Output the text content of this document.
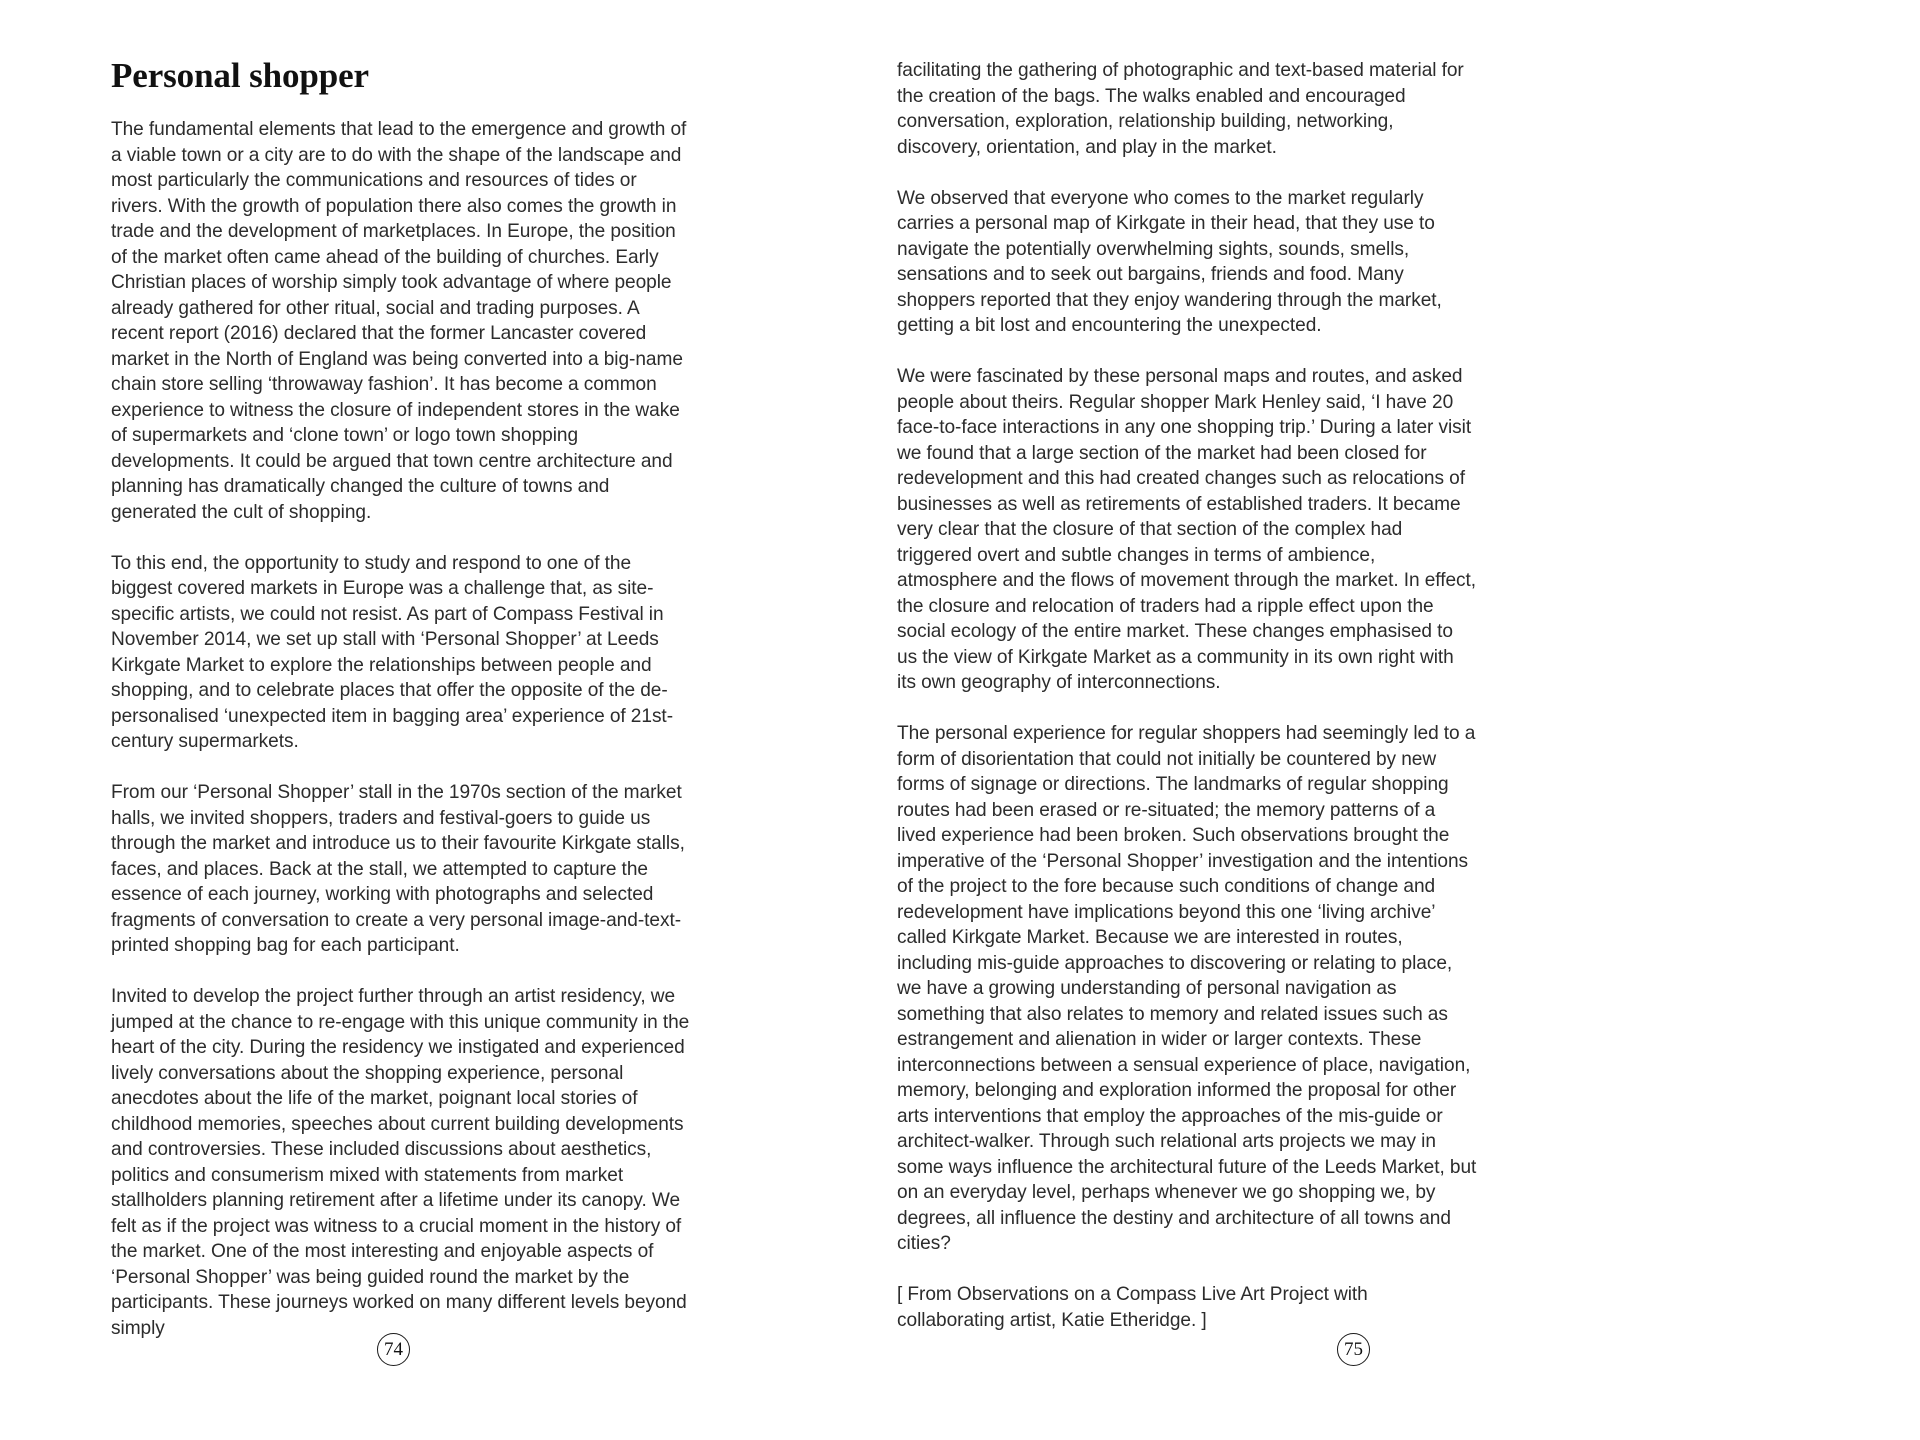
Personal shopper

The fundamental elements that lead to the emergence and growth of a viable town or a city are to do with the shape of the landscape and most particularly the communications and resources of tides or rivers. With the growth of population there also comes the growth in trade and the development of marketplaces. In Europe, the position of the market often came ahead of the building of churches. Early Christian places of worship simply took advantage of where people already gathered for other ritual, social and trading purposes. A recent report (2016) declared that the former Lancaster covered market in the North of England was being converted into a big-name chain store selling ‘throwaway fashion’. It has become a common experience to witness the closure of independent stores in the wake of supermarkets and ‘clone town’ or logo town shopping developments. It could be argued that town centre architecture and planning has dramatically changed the culture of towns and generated the cult of shopping.

To this end, the opportunity to study and respond to one of the biggest covered markets in Europe was a challenge that, as site-specific artists, we could not resist. As part of Compass Festival in November 2014, we set up stall with ‘Personal Shopper’ at Leeds Kirkgate Market to explore the relationships between people and shopping, and to celebrate places that offer the opposite of the de-personalised ‘unexpected item in bagging area’ experience of 21st-century supermarkets.

From our ‘Personal Shopper’ stall in the 1970s section of the market halls, we invited shoppers, traders and festival-goers to guide us through the market and introduce us to their favourite Kirkgate stalls, faces, and places. Back at the stall, we attempted to capture the essence of each journey, working with photographs and selected fragments of conversation to create a very personal image-and-text-printed shopping bag for each participant.

Invited to develop the project further through an artist residency, we jumped at the chance to re-engage with this unique community in the heart of the city. During the residency we instigated and experienced lively conversations about the shopping experience, personal anecdotes about the life of the market, poignant local stories of childhood memories, speeches about current building developments and controversies. These included discussions about aesthetics, politics and consumerism mixed with statements from market stallholders planning retirement after a lifetime under its canopy. We felt as if the project was witness to a crucial moment in the history of the market. One of the most interesting and enjoyable aspects of ‘Personal Shopper’ was being guided round the market by the participants. These journeys worked on many different levels beyond simply

74

facilitating the gathering of photographic and text-based material for the creation of the bags. The walks enabled and encouraged conversation, exploration, relationship building, networking, discovery, orientation, and play in the market.

We observed that everyone who comes to the market regularly carries a personal map of Kirkgate in their head, that they use to navigate the potentially overwhelming sights, sounds, smells, sensations and to seek out bargains, friends and food. Many shoppers reported that they enjoy wandering through the market, getting a bit lost and encountering the unexpected.

We were fascinated by these personal maps and routes, and asked people about theirs. Regular shopper Mark Henley said, ‘I have 20 face-to-face interactions in any one shopping trip.’ During a later visit we found that a large section of the market had been closed for redevelopment and this had created changes such as relocations of businesses as well as retirements of established traders. It became very clear that the closure of that section of the complex had triggered overt and subtle changes in terms of ambience, atmosphere and the flows of movement through the market. In effect, the closure and relocation of traders had a ripple effect upon the social ecology of the entire market. These changes emphasised to us the view of Kirkgate Market as a community in its own right with its own geography of interconnections.

The personal experience for regular shoppers had seemingly led to a form of disorientation that could not initially be countered by new forms of signage or directions. The landmarks of regular shopping routes had been erased or re-situated; the memory patterns of a lived experience had been broken. Such observations brought the imperative of the ‘Personal Shopper’ investigation and the intentions of the project to the fore because such conditions of change and redevelopment have implications beyond this one ‘living archive’ called Kirkgate Market. Because we are interested in routes, including mis-guide approaches to discovering or relating to place, we have a growing understanding of personal navigation as something that also relates to memory and related issues such as estrangement and alienation in wider or larger contexts. These interconnections between a sensual experience of place, navigation, memory, belonging and exploration informed the proposal for other arts interventions that employ the approaches of the mis-guide or architect-walker. Through such relational arts projects we may in some ways influence the architectural future of the Leeds Market, but on an everyday level, perhaps whenever we go shopping we, by degrees, all influence the destiny and architecture of all towns and cities?

[ From Observations on a Compass Live Art Project with collaborating artist, Katie Etheridge. ]

75
